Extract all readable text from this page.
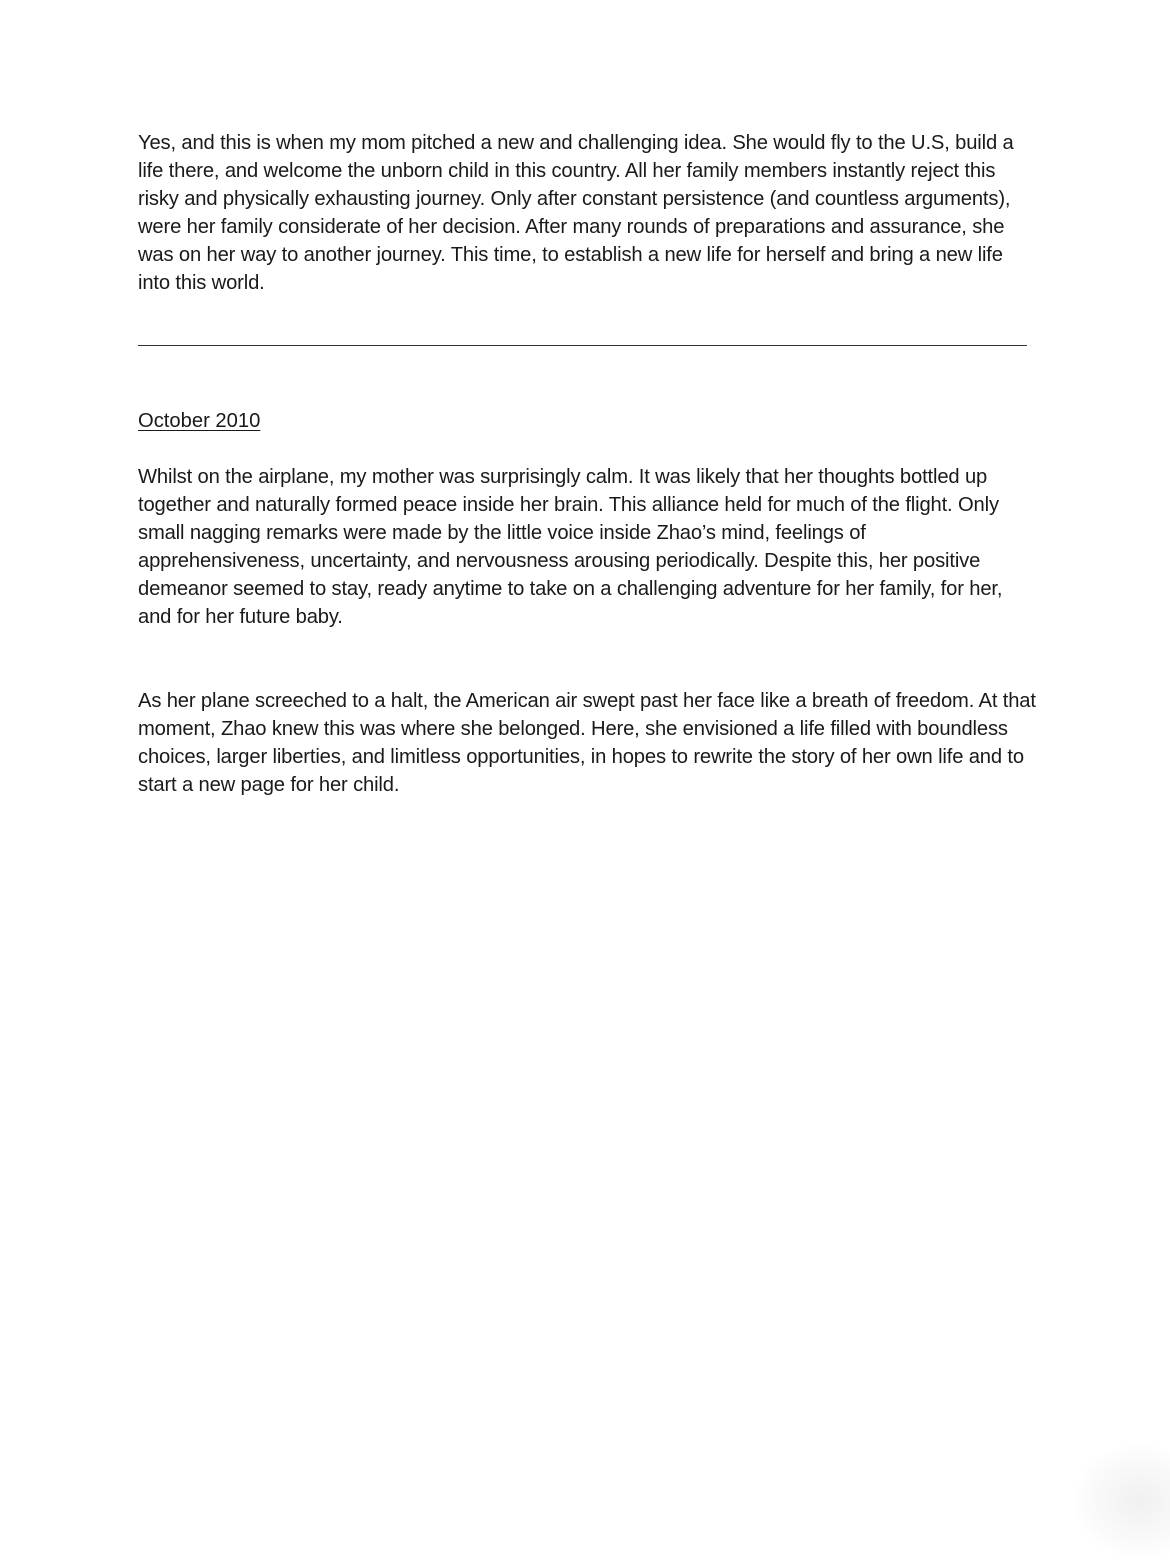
Yes, and this is when my mom pitched a new and challenging idea. She would fly to the U.S, build a life there, and welcome the unborn child in this country. All her family members instantly reject this risky and physically exhausting journey. Only after constant persistence (and countless arguments), were her family considerate of her decision. After many rounds of preparations and assurance, she was on her way to another journey. This time, to establish a new life for herself and bring a new life into this world.

October 2010

Whilst on the airplane, my mother was surprisingly calm. It was likely that her thoughts bottled up together and naturally formed peace inside her brain. This alliance held for much of the flight. Only small nagging remarks were made by the little voice inside Zhao’s mind, feelings of apprehensiveness, uncertainty, and nervousness arousing periodically. Despite this, her positive demeanor seemed to stay, ready anytime to take on a challenging adventure for her family, for her, and for her future baby.

As her plane screeched to a halt, the American air swept past her face like a breath of freedom. At that moment, Zhao knew this was where she belonged. Here, she envisioned a life filled with boundless choices, larger liberties, and limitless opportunities, in hopes to rewrite the story of her own life and to start a new page for her child.
